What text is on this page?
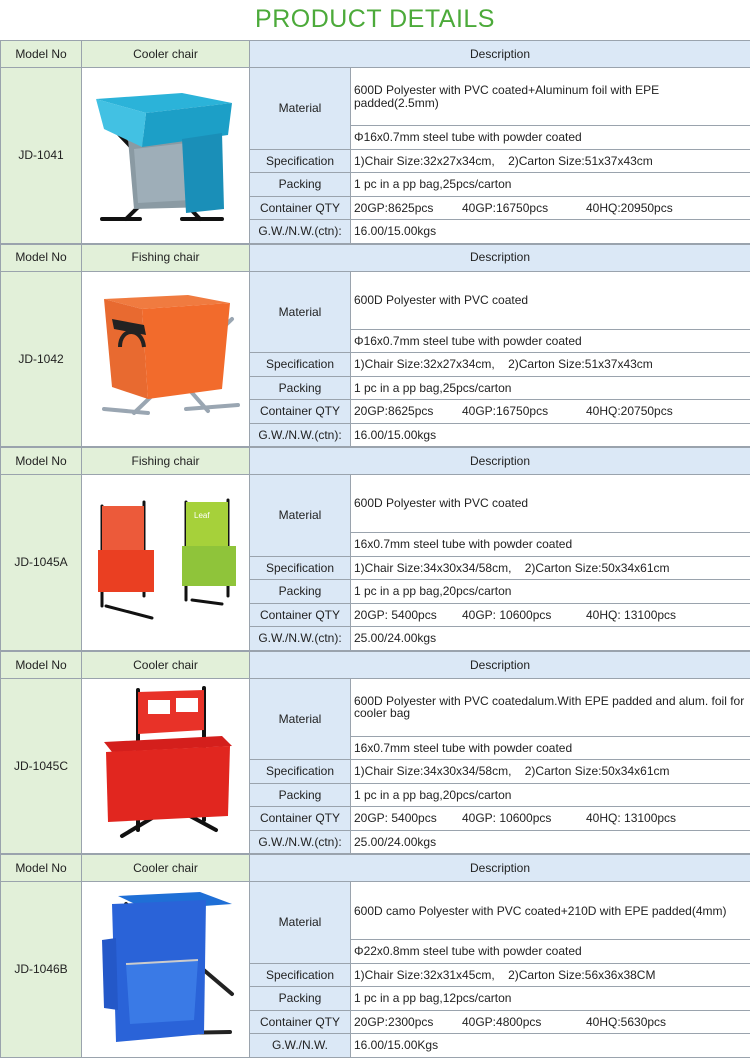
PRODUCT DETAILS
Model No	Cooler chair	Description	
JD-1041		Material	600D Polyester with PVC coated+Aluminum foil with EPE padded(2.5mm)
			Φ16x0.7mm steel tube with powder coated
		Specification	1)Chair Size:32x27x34cm,    2)Carton Size:51x37x43cm
		Packing	1 pc in a pp bag,25pcs/carton
		Container QTY	20GP:8625pcs 40GP:16750pcs 40HQ:20950pcs
		G.W./N.W.(ctn):	16.00/15.00kgs
Model No	Fishing chair	Description	
JD-1042		Material	600D Polyester with PVC coated
			Φ16x0.7mm steel tube with powder coated
		Specification	1)Chair Size:32x27x34cm,    2)Carton Size:51x37x43cm
		Packing	1 pc in a pp bag,25pcs/carton
		Container QTY	20GP:8625pcs 40GP:16750pcs 40HQ:20750pcs
		G.W./N.W.(ctn):	16.00/15.00kgs
Model No	Fishing chair	Description	
JD-1045A	Leaf	Material	600D Polyester with PVC coated
			16x0.7mm steel tube with powder coated
		Specification	1)Chair Size:34x30x34/58cm,    2)Carton Size:50x34x61cm
		Packing	1 pc in a pp bag,20pcs/carton
		Container QTY	20GP: 5400pcs 40GP: 10600pcs 40HQ: 13100pcs
		G.W./N.W.(ctn):	25.00/24.00kgs
Model No	Cooler chair	Description	
JD-1045C		Material	600D Polyester with PVC coatedalum.With EPE padded and alum. foil for cooler bag
			16x0.7mm steel tube with powder coated
		Specification	1)Chair Size:34x30x34/58cm,    2)Carton Size:50x34x61cm
		Packing	1 pc in a pp bag,20pcs/carton
		Container QTY	20GP: 5400pcs 40GP: 10600pcs 40HQ: 13100pcs
		G.W./N.W.(ctn):	25.00/24.00kgs
Model No	Cooler chair	Description	
JD-1046B		Material	600D camo Polyester with PVC coated+210D with EPE padded(4mm)
			Φ22x0.8mm steel tube with powder coated
		Specification	1)Chair Size:32x31x45cm,    2)Carton Size:56x36x38CM
		Packing	1 pc in a pp bag,12pcs/carton
		Container QTY	20GP:2300pcs 40GP:4800pcs 40HQ:5630pcs
		G.W./N.W.	16.00/15.00Kgs
